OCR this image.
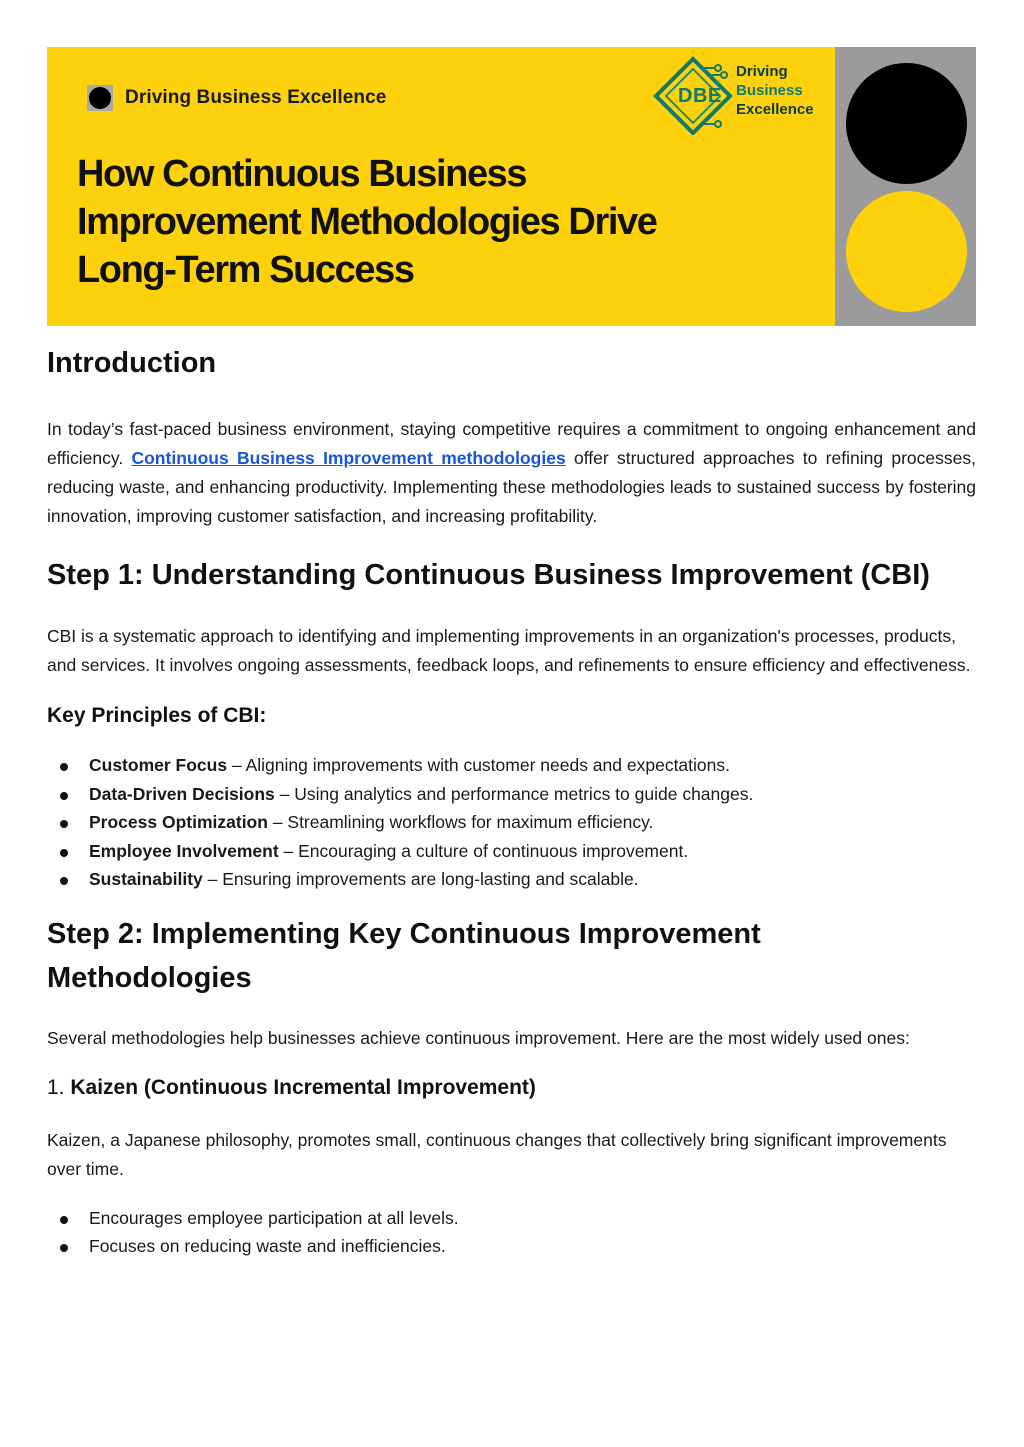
Driving Business Excellence	DBE
Driving
Business
Excellence
How Continuous Business
Improvement Methodologies Drive
Long-Term Success
Introduction

In today’s fast-paced business environment, staying competitive requires a commitment to ongoing enhancement and efficiency. Continuous Business Improvement methodologies offer structured approaches to refining processes, reducing waste, and enhancing productivity. Implementing these methodologies leads to sustained success by fostering innovation, improving customer satisfaction, and increasing profitability.

Step 1: Understanding Continuous Business Improvement (CBI)

CBI is a systematic approach to identifying and implementing improvements in an organization's processes, products, and services. It involves ongoing assessments, feedback loops, and refinements to ensure efficiency and effectiveness.

Key Principles of CBI:
Customer Focus – Aligning improvements with customer needs and expectations.
Data-Driven Decisions – Using analytics and performance metrics to guide changes.
Process Optimization – Streamlining workflows for maximum efficiency.
Employee Involvement – Encouraging a culture of continuous improvement.
Sustainability – Ensuring improvements are long-lasting and scalable.
Step 2: Implementing Key Continuous Improvement Methodologies

Several methodologies help businesses achieve continuous improvement. Here are the most widely used ones:

1. Kaizen (Continuous Incremental Improvement)

Kaizen, a Japanese philosophy, promotes small, continuous changes that collectively bring significant improvements over time.

Encourages employee participation at all levels.
Focuses on reducing waste and inefficiencies.
